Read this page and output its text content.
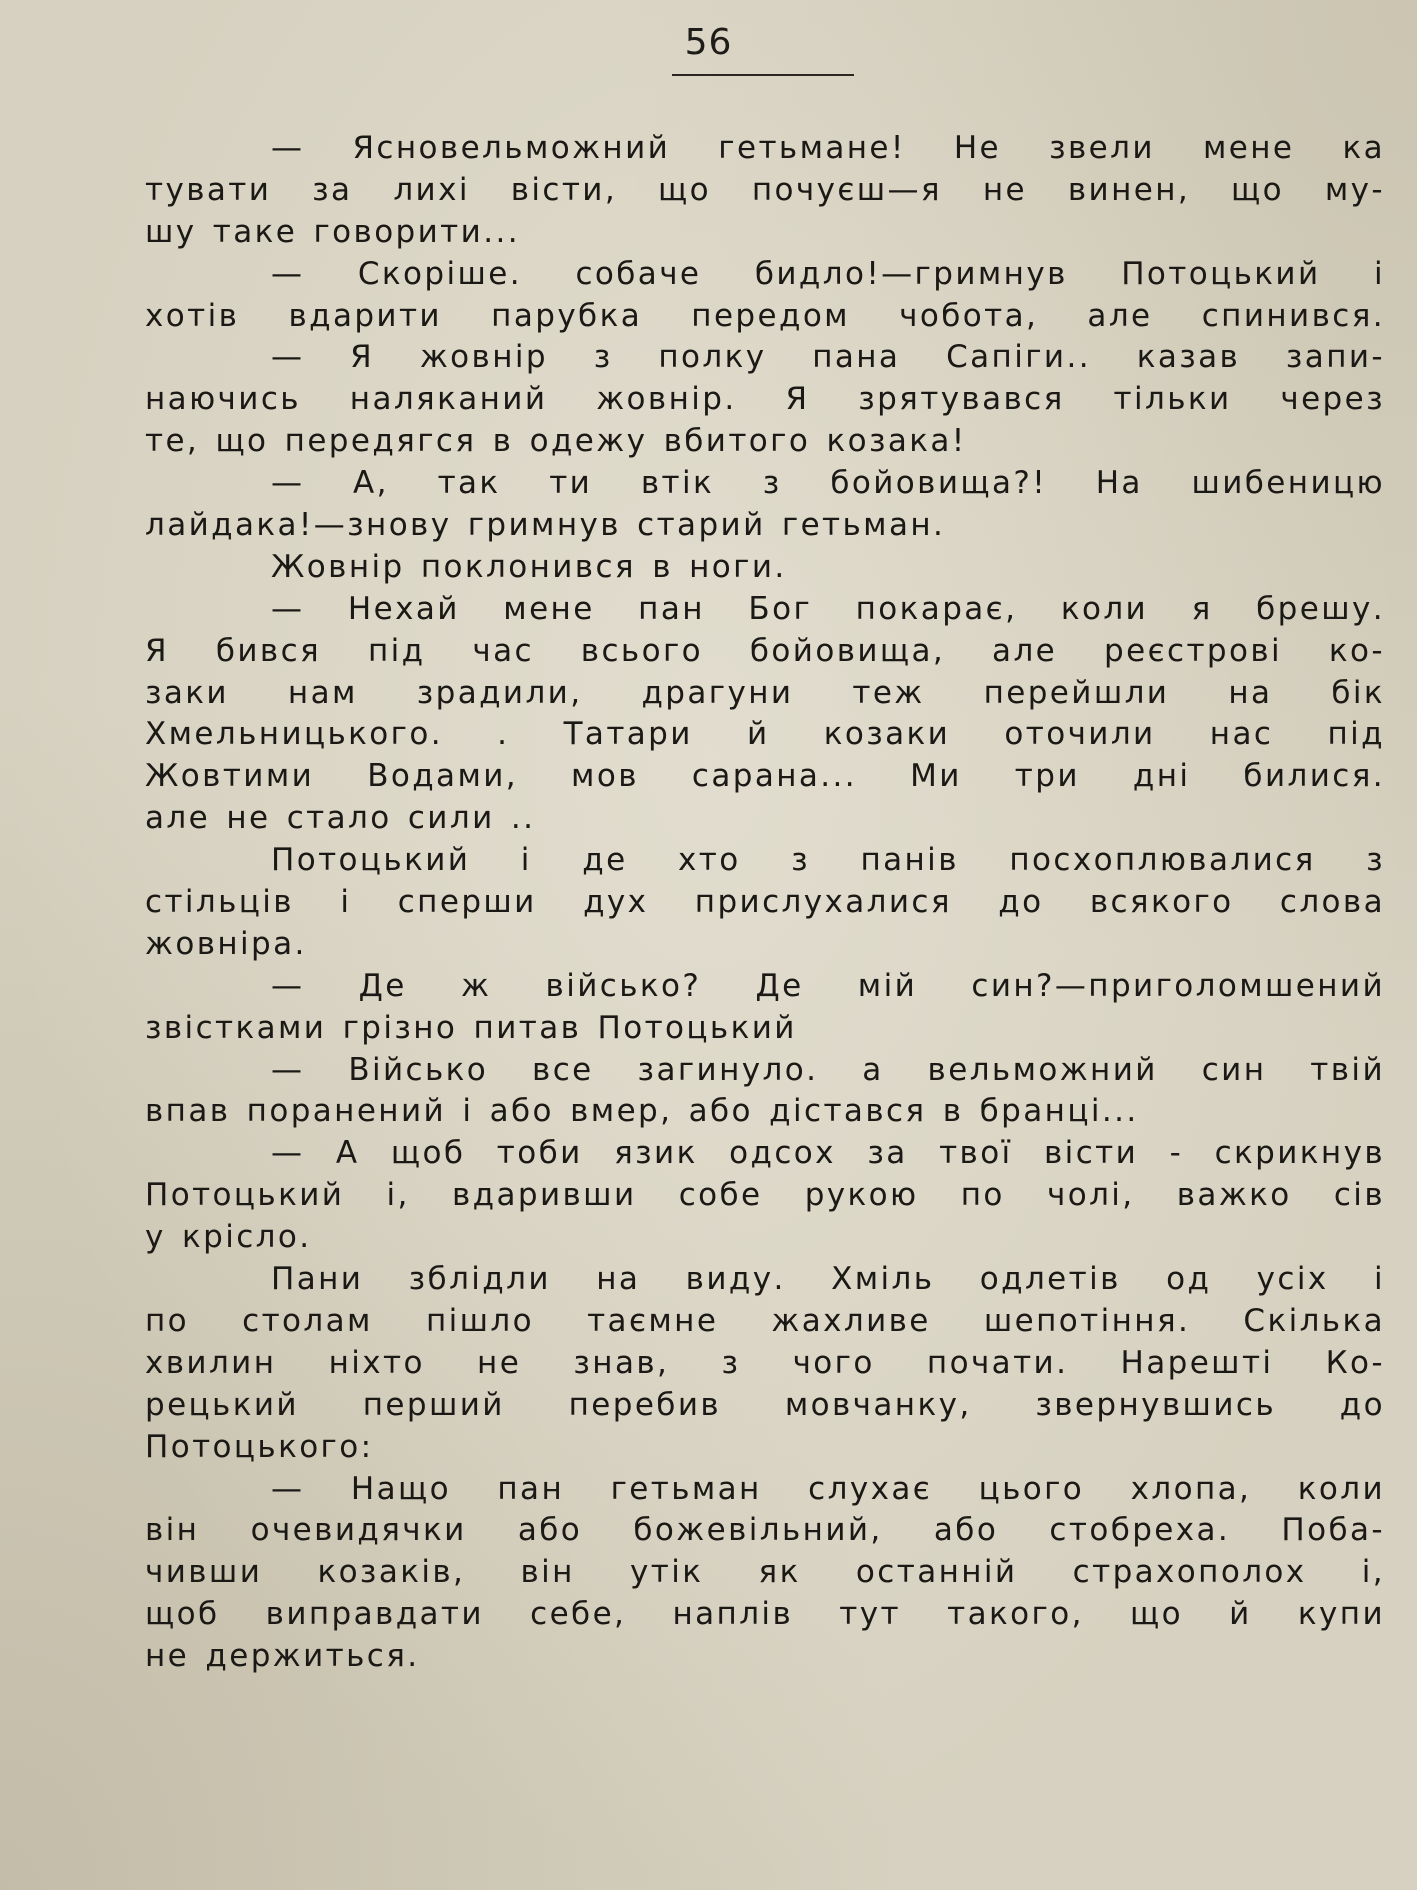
56
— Ясновельможний гетьмане! Не звели мене ка
тувати за лихі вісти, що почуєш—я не винен, що му-
шу таке говорити...
— Скоріше. собаче бидло!—гримнув Потоцький і
хотів вдарити парубка передом чобота, але спинився.
— Я жовнір з полку пана Сапіги.. казав запи-
наючись наляканий жовнір. Я зрятувався тільки через
те, що передягся в одежу вбитого козака!
— А, так ти втік з бойовища?! На шибеницю
лайдака!—знову гримнув старий гетьман.
Жовнір поклонився в ноги.
— Нехай мене пан Бог покарає, коли я брешу.
Я бився під час всього бойовища, але реєстрові ко-
заки нам зрадили, драгуни теж перейшли на бік
Хмельницького. . Татари й козаки оточили нас під
Жовтими Водами, мов сарана... Ми три дні билися.
але не стало сили ..
Потоцький і де хто з панів посхоплювалися з
стільців і сперши дух прислухалися до всякого слова
жовніра.
— Де ж військо? Де мій син?—приголомшений
звістками грізно питав Потоцький
— Військо все загинуло. а вельможний син твій
впав поранений і або вмер, або дістався в бранці...
— А щоб тоби язик одсох за твої вісти - скрикнув
Потоцький і, вдаривши собе рукою по чолі, важко сів
у крісло.
Пани зблідли на виду. Хміль одлетів од усіх і
по столам пішло таємне жахливе шепотіння. Скілька
хвилин ніхто не знав, з чого почати. Нарешті Ко-
рецький перший перебив мовчанку, звернувшись до
Потоцького:
— Нащо пан гетьман слухає цього хлопа, коли
він очевидячки або божевільний, або стобреха. Поба-
чивши козаків, він утік як останній страхополох і,
щоб виправдати себе, наплів тут такого, що й купи
не держиться.
